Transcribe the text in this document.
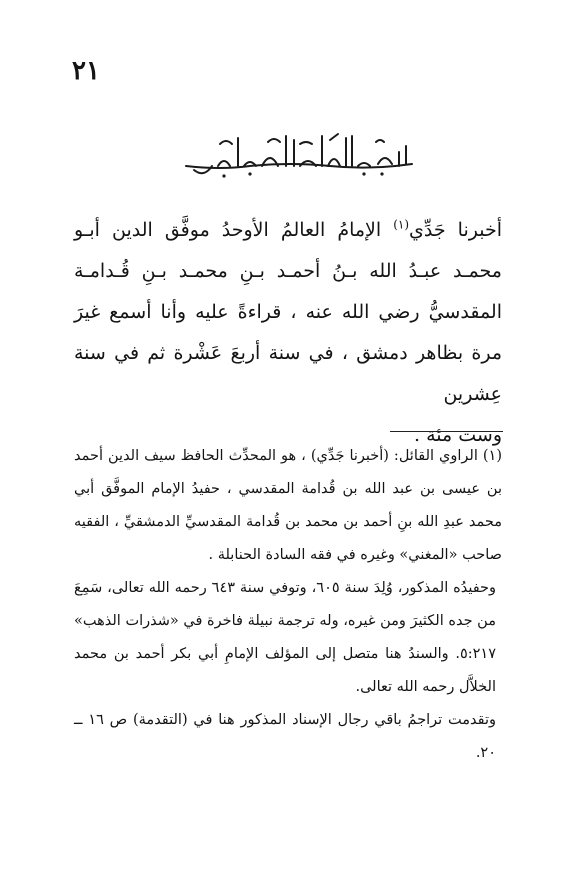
٢١

أخبرنا جَدِّي$^{(١)}$ الإمامُ العالمُ الأوحدُ موفَّق الدين أبـو محمـد عبـدُ الله بـنُ أحمـد بـنِ محمـد بـنِ قُـدامـة المقدسيُّ رضي الله عنه ، قراءةً عليه وأنا أسمع غيرَ مرة بظاهر دمشق ، في سنة أربعَ عَشْرة ثم في سنة عِشرين

وست مئة .

(١) الراوي القائل: (أخبرنا جَدِّي) ، هو المحدِّث الحافظ سيف الدين أحمد بن عيسى بن عبد الله بن قُدامة المقدسي ، حفيدُ الإمام الموفَّق أبي محمد عبدِ الله بنِ أحمد بن محمد بن قُدامة المقدسيِّ الدمشقيِّ ، الفقيه صاحب «المغني» وغيره في فقه السادة الحنابلة .

وحفيدُه المذكور، وُلِدَ سنة ٦٠٥، وتوفي سنة ٦٤٣ رحمه الله تعالى، سَمِعَ من جده الكثيرَ ومن غيره، وله ترجمة نبيلة فاخرة في «شذرات الذهب» ٥:٢١٧. والسندُ هنا متصل إلى المؤلف الإمامِ أبي بكر أحمد بن محمد الخلاَّل رحمه الله تعالى.

وتقدمت تراجمُ باقي رجال الإسناد المذكور هنا في (التقدمة) ص ١٦ ــ ٢٠.
